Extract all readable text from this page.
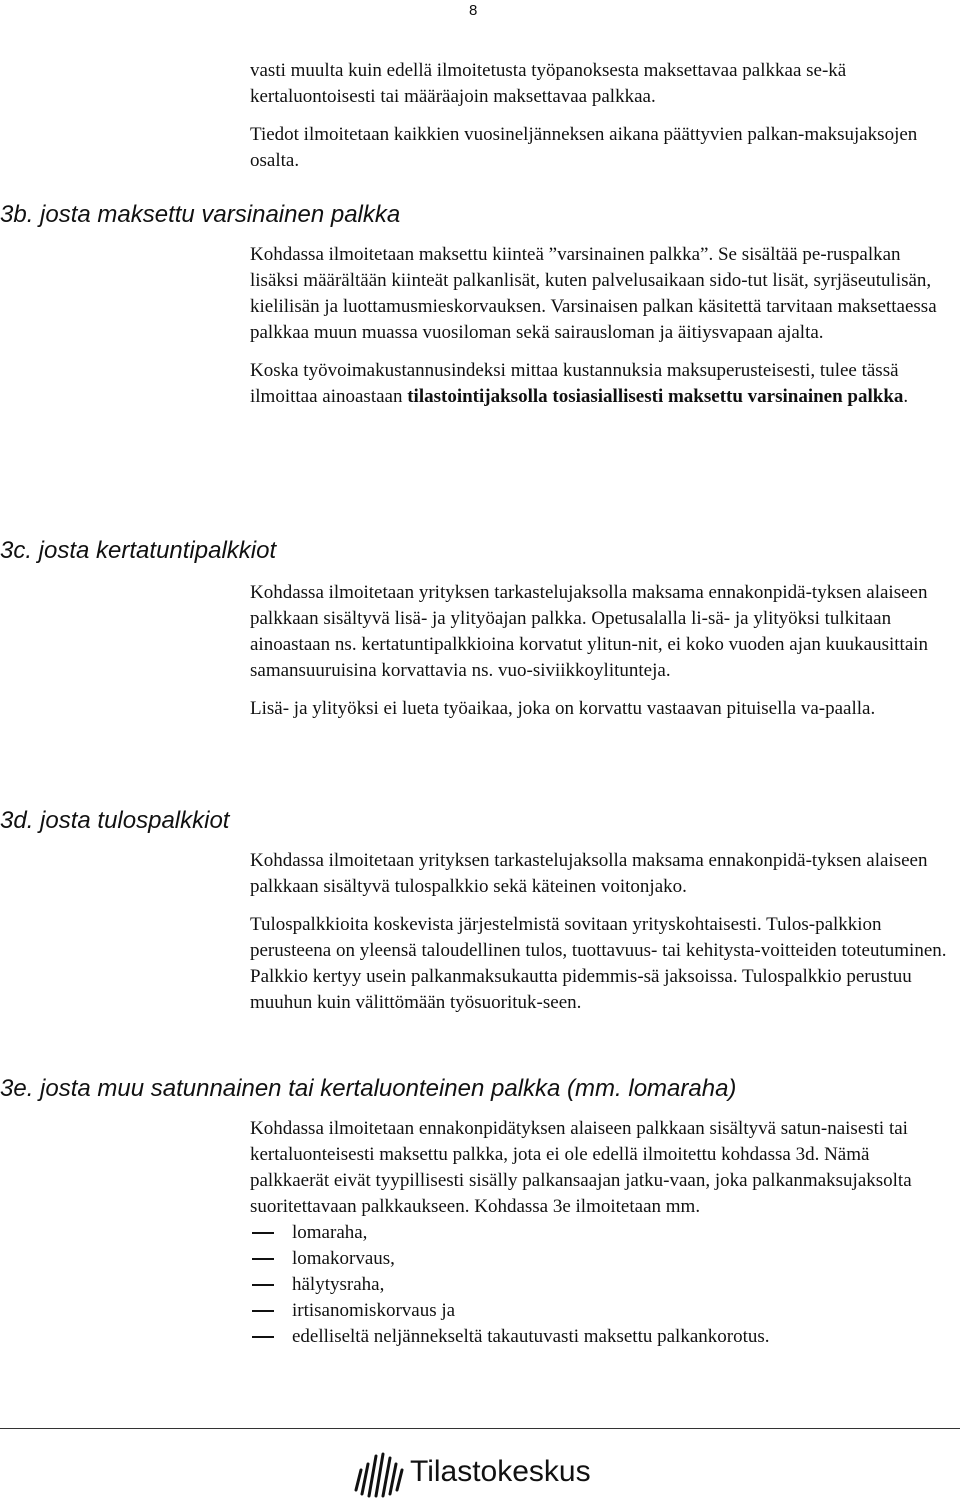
8

vasti muulta kuin edellä ilmoitetusta työpanoksesta maksettavaa palkkaa se-kä kertaluontoisesti tai määräajoin maksettavaa palkkaa.

Tiedot ilmoitetaan kaikkien vuosineljänneksen aikana päättyvien palkan-maksujaksojen osalta.

3b. josta maksettu varsinainen palkka

Kohdassa ilmoitetaan maksettu kiinteä ”varsinainen palkka”. Se sisältää pe-ruspalkan lisäksi määrältään kiinteät palkanlisät, kuten palvelusaikaan sido-tut lisät, syrjäseutulisän, kielilisän ja luottamusmieskorvauksen. Varsinaisen palkan käsitettä tarvitaan maksettaessa palkkaa muun muassa vuosiloman sekä sairausloman ja äitiysvapaan ajalta.

Koska työvoimakustannusindeksi mittaa kustannuksia maksuperusteisesti, tulee tässä ilmoittaa ainoastaan tilastointijaksolla tosiasiallisesti maksettu varsinainen palkka.

3c. josta kertatuntipalkkiot

Kohdassa ilmoitetaan yrityksen tarkastelujaksolla maksama ennakonpidä-tyksen alaiseen palkkaan sisältyvä lisä- ja ylityöajan palkka. Opetusalalla li-sä- ja ylityöksi tulkitaan ainoastaan ns. kertatuntipalkkioina korvatut ylitun-nit, ei koko vuoden ajan kuukausittain samansuuruisina korvattavia ns. vuo-siviikkoylitunteja.

Lisä- ja ylityöksi ei lueta työaikaa, joka on korvattu vastaavan pituisella va-paalla.

3d. josta tulospalkkiot

Kohdassa ilmoitetaan yrityksen tarkastelujaksolla maksama ennakonpidä-tyksen alaiseen palkkaan sisältyvä tulospalkkio sekä käteinen voitonjako.

Tulospalkkioita koskevista järjestelmistä sovitaan yrityskohtaisesti. Tulos-palkkion perusteena on yleensä taloudellinen tulos, tuottavuus- tai kehitysta-voitteiden toteutuminen. Palkkio kertyy usein palkanmaksukautta pidemmis-sä jaksoissa. Tulospalkkio perustuu muuhun kuin välittömään työsuorituk-seen.

3e. josta muu satunnainen tai kertaluonteinen palkka (mm. lomaraha)

Kohdassa ilmoitetaan ennakonpidätyksen alaiseen palkkaan sisältyvä satun-naisesti tai kertaluonteisesti maksettu palkka, jota ei ole edellä ilmoitettu kohdassa 3d. Nämä palkkaerät eivät tyypillisesti sisälly palkansaajan jatku-vaan, joka palkanmaksujaksolta suoritettavaan palkkaukseen. Kohdassa 3e ilmoitetaan mm.

lomaraha,
lomakorvaus,
hälytysraha,
irtisanomiskorvaus ja
edelliseltä neljännekseltä takautuvasti maksettu palkankorotus.
Tilastokeskus
